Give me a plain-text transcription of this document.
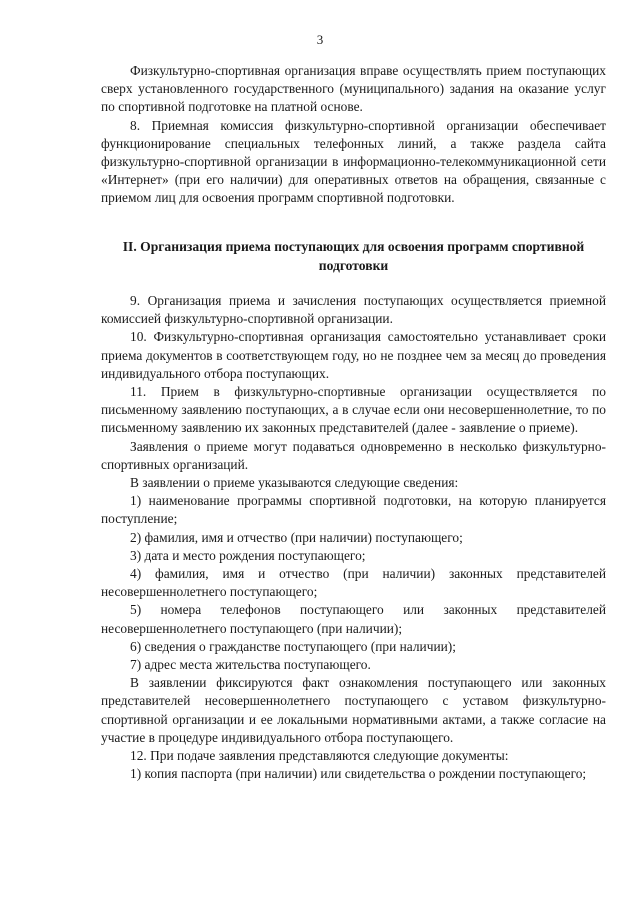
3

Физкультурно-спортивная организация вправе осуществлять прием поступающих сверх установленного государственного (муниципального) задания на оказание услуг по спортивной подготовке на платной основе.

8. Приемная комиссия физкультурно-спортивной организации обеспечивает функционирование специальных телефонных линий, а также раздела сайта физкультурно-спортивной организации в информационно-телекоммуникационной сети «Интернет» (при его наличии) для оперативных ответов на обращения, связанные с приемом лиц для освоения программ спортивной подготовки.

II. Организация приема поступающих для освоения программ спортивной подготовки

9. Организация приема и зачисления поступающих осуществляется приемной комиссией физкультурно-спортивной организации.

10. Физкультурно-спортивная организация самостоятельно устанавливает сроки приема документов в соответствующем году, но не позднее чем за месяц до проведения индивидуального отбора поступающих.

11. Прием в физкультурно-спортивные организации осуществляется по письменному заявлению поступающих, а в случае если они несовершеннолетние, то по письменному заявлению их законных представителей (далее - заявление о приеме).

Заявления о приеме могут подаваться одновременно в несколько физкультурно-спортивных организаций.

В заявлении о приеме указываются следующие сведения:

1) наименование программы спортивной подготовки, на которую планируется поступление;

2) фамилия, имя и отчество (при наличии) поступающего;

3) дата и место рождения поступающего;

4) фамилия, имя и отчество (при наличии) законных представителей несовершеннолетнего поступающего;

5) номера телефонов поступающего или законных представителей несовершеннолетнего поступающего (при наличии);

6) сведения о гражданстве поступающего (при наличии);

7) адрес места жительства поступающего.

В заявлении фиксируются факт ознакомления поступающего или законных представителей несовершеннолетнего поступающего с уставом физкультурно-спортивной организации и ее локальными нормативными актами, а также согласие на участие в процедуре индивидуального отбора поступающего.

12. При подаче заявления представляются следующие документы:

1) копия паспорта (при наличии) или свидетельства о рождении поступающего;
